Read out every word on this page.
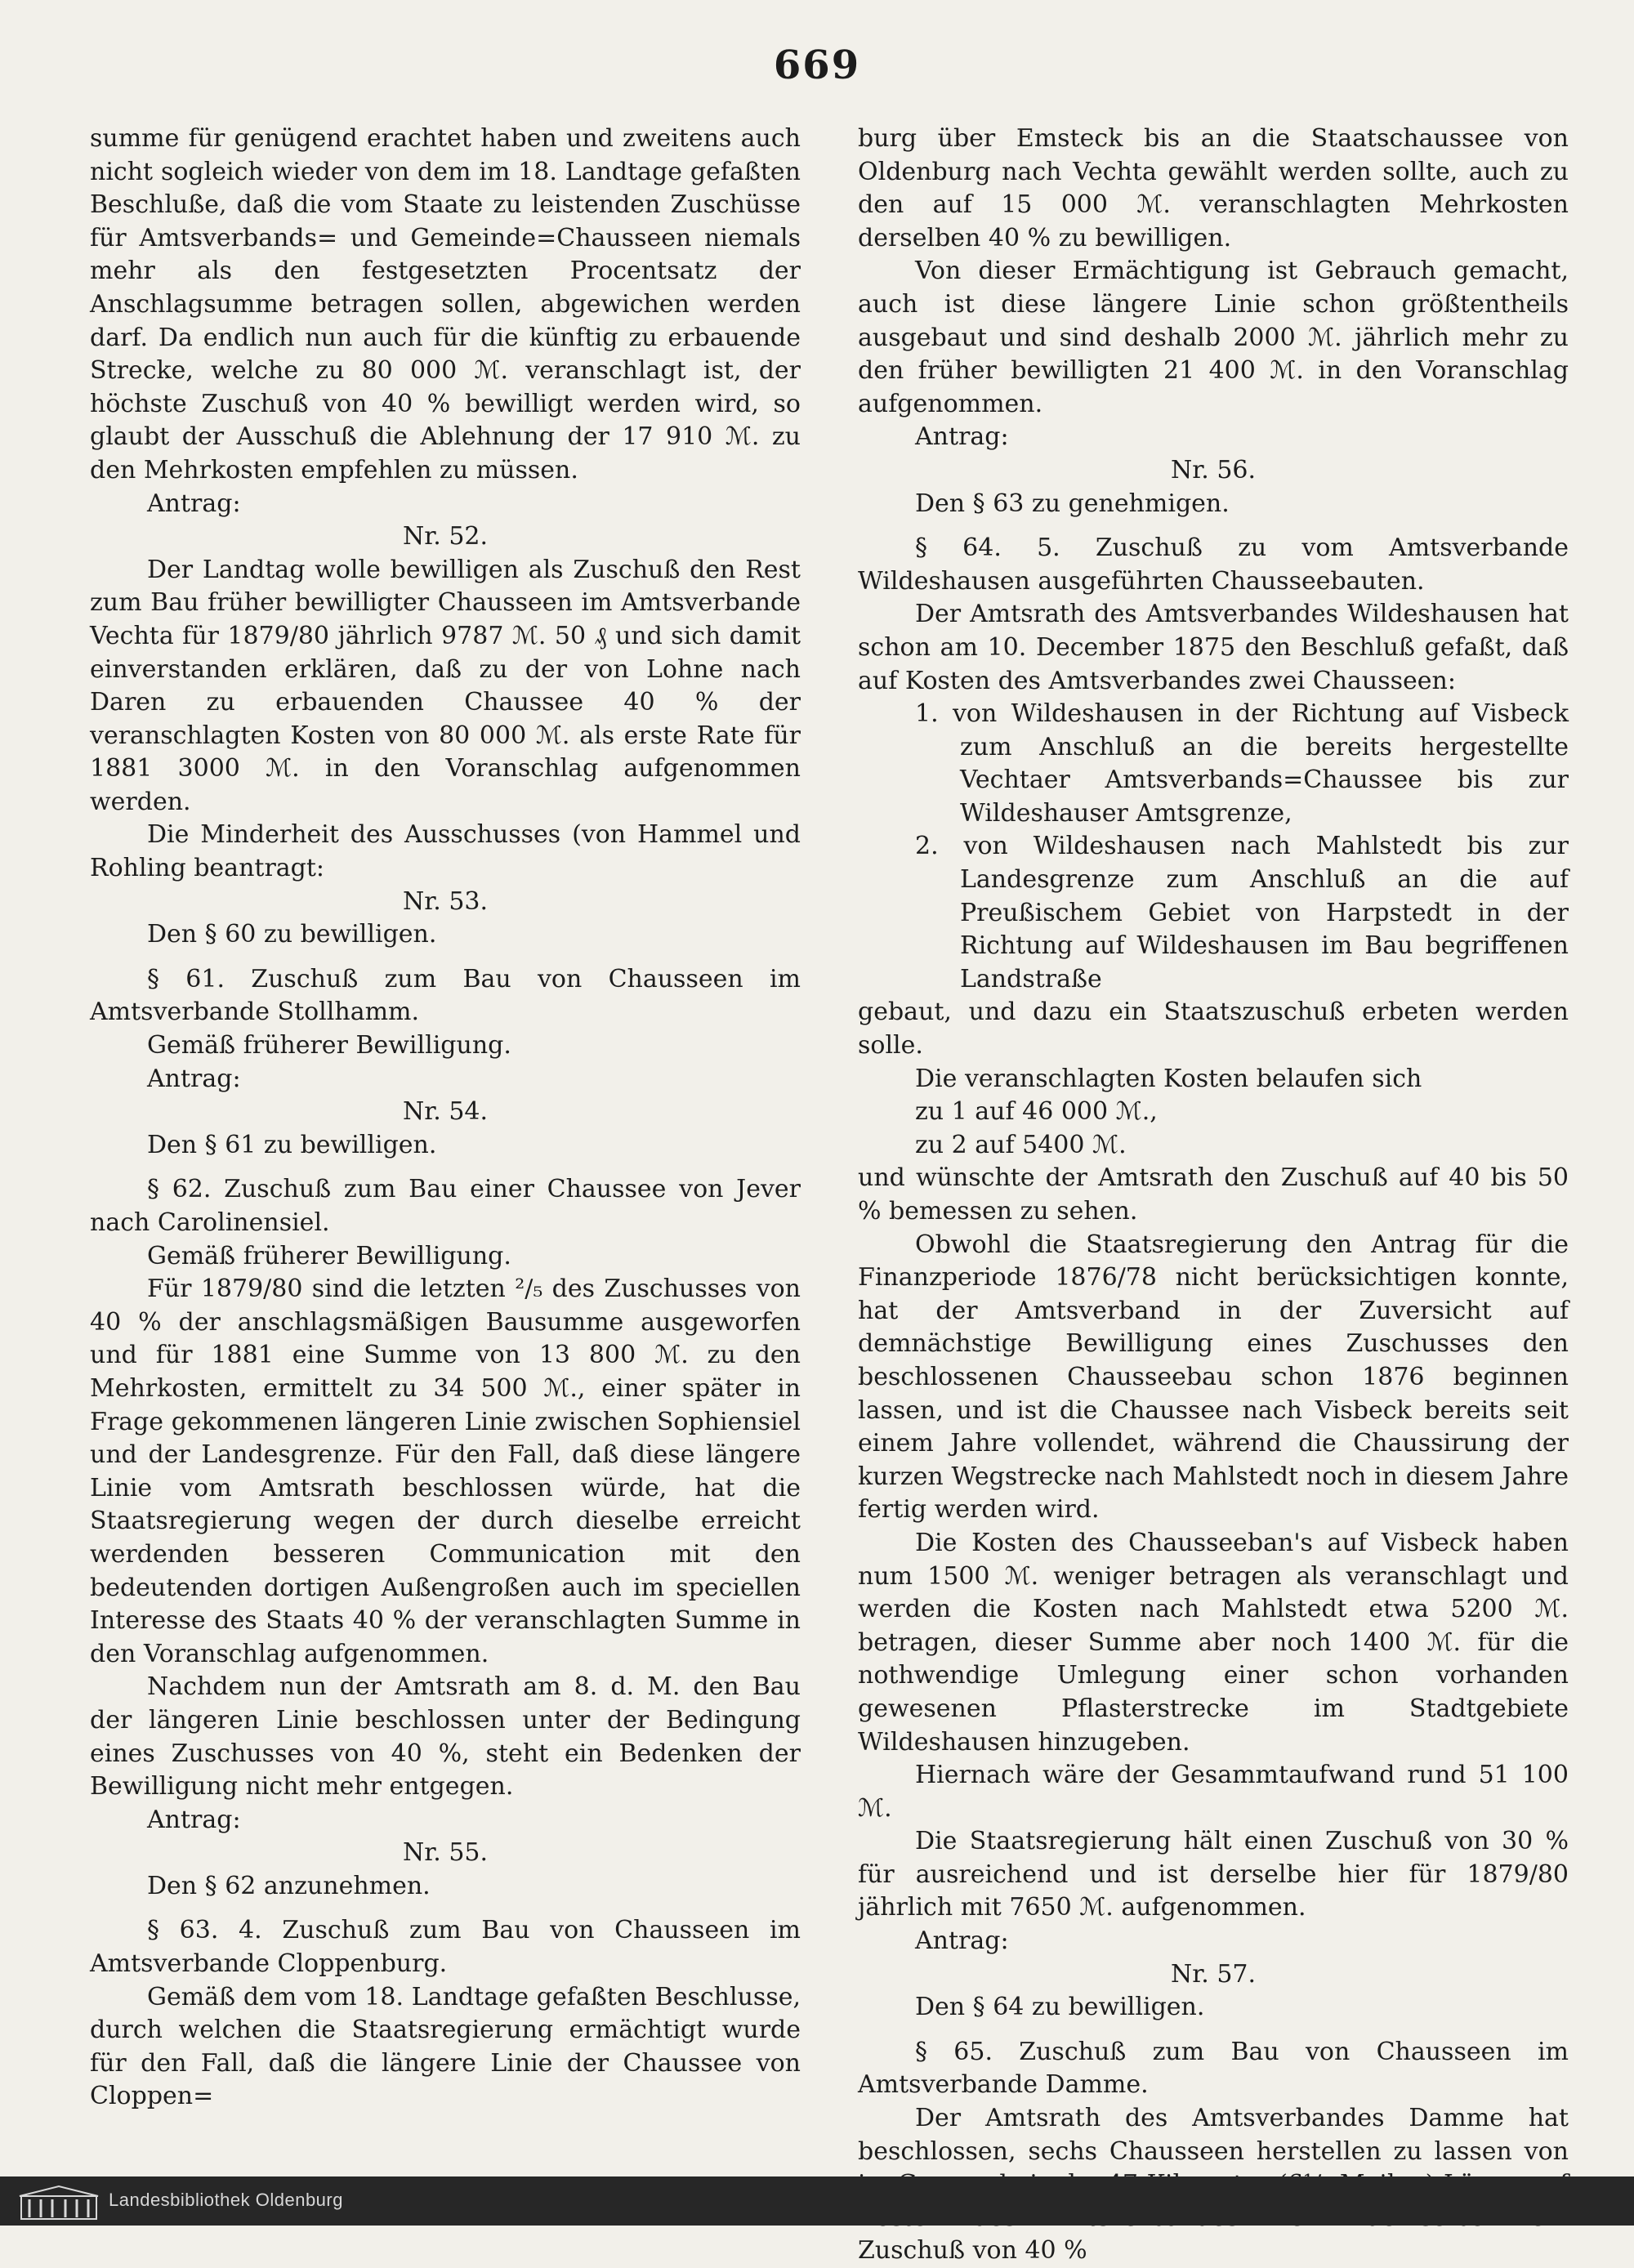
669

summe für genügend erachtet haben und zweitens auch nicht sogleich wieder von dem im 18. Landtage gefaßten Beschluße, daß die vom Staate zu leistenden Zuschüsse für Amtsverbands= und Gemeinde=Chausseen niemals mehr als den festgesetzten Procentsatz der Anschlagsumme betragen sollen, abgewichen werden darf. Da endlich nun auch für die künftig zu erbauende Strecke, welche zu 80 000 ℳ. veranschlagt ist, der höchste Zuschuß von 40 % bewilligt werden wird, so glaubt der Ausschuß die Ablehnung der 17 910 ℳ. zu den Mehrkosten empfehlen zu müssen.

Antrag:

Nr. 52.

Der Landtag wolle bewilligen als Zuschuß den Rest zum Bau früher bewilligter Chausseen im Amtsverbande Vechta für 1879/80 jährlich 9787 ℳ. 50 ₰ und sich damit einverstanden erklären, daß zu der von Lohne nach Daren zu erbauenden Chaussee 40 % der veranschlagten Kosten von 80 000 ℳ. als erste Rate für 1881 3000 ℳ. in den Voranschlag aufgenommen werden.

Die Minderheit des Ausschusses (von Hammel und Rohling beantragt:

Nr. 53.

Den § 60 zu bewilligen.

§ 61. Zuschuß zum Bau von Chausseen im Amtsverbande Stollhamm.

Gemäß früherer Bewilligung.

Antrag:

Nr. 54.

Den § 61 zu bewilligen.

§ 62. Zuschuß zum Bau einer Chaussee von Jever nach Carolinensiel.

Gemäß früherer Bewilligung.

Für 1879/80 sind die letzten ²/₅ des Zuschusses von 40 % der anschlagsmäßigen Bausumme ausgeworfen und für 1881 eine Summe von 13 800 ℳ. zu den Mehrkosten, ermittelt zu 34 500 ℳ., einer später in Frage gekommenen längeren Linie zwischen Sophiensiel und der Landesgrenze. Für den Fall, daß diese längere Linie vom Amtsrath beschlossen würde, hat die Staatsregierung wegen der durch dieselbe erreicht werdenden besseren Communication mit den bedeutenden dortigen Außengroßen auch im speciellen Interesse des Staats 40 % der veranschlagten Summe in den Voranschlag aufgenommen.

Nachdem nun der Amtsrath am 8. d. M. den Bau der längeren Linie beschlossen unter der Bedingung eines Zuschusses von 40 %, steht ein Bedenken der Bewilligung nicht mehr entgegen.

Antrag:

Nr. 55.

Den § 62 anzunehmen.

§ 63. 4. Zuschuß zum Bau von Chausseen im Amtsverbande Cloppenburg.

Gemäß dem vom 18. Landtage gefaßten Beschlusse, durch welchen die Staatsregierung ermächtigt wurde für den Fall, daß die längere Linie der Chaussee von Cloppen=

burg über Emsteck bis an die Staatschaussee von Oldenburg nach Vechta gewählt werden sollte, auch zu den auf 15 000 ℳ. veranschlagten Mehrkosten derselben 40 % zu bewilligen.

Von dieser Ermächtigung ist Gebrauch gemacht, auch ist diese längere Linie schon größtentheils ausgebaut und sind deshalb 2000 ℳ. jährlich mehr zu den früher bewilligten 21 400 ℳ. in den Voranschlag aufgenommen.

Antrag:

Nr. 56.

Den § 63 zu genehmigen.

§ 64. 5. Zuschuß zu vom Amtsverbande Wildeshausen ausgeführten Chausseebauten.

Der Amtsrath des Amtsverbandes Wildeshausen hat schon am 10. December 1875 den Beschluß gefaßt, daß auf Kosten des Amtsverbandes zwei Chausseen:

1. von Wildeshausen in der Richtung auf Visbeck zum Anschluß an die bereits hergestellte Vechtaer Amtsverbands=Chaussee bis zur Wildeshauser Amtsgrenze,

2. von Wildeshausen nach Mahlstedt bis zur Landesgrenze zum Anschluß an die auf Preußischem Gebiet von Harpstedt in der Richtung auf Wildeshausen im Bau begriffenen Landstraße

gebaut, und dazu ein Staatszuschuß erbeten werden solle.

Die veranschlagten Kosten belaufen sich

zu 1 auf 46 000 ℳ.,

zu 2 auf 5400 ℳ.

und wünschte der Amtsrath den Zuschuß auf 40 bis 50 % bemessen zu sehen.

Obwohl die Staatsregierung den Antrag für die Finanzperiode 1876/78 nicht berücksichtigen konnte, hat der Amtsverband in der Zuversicht auf demnächstige Bewilligung eines Zuschusses den beschlossenen Chausseebau schon 1876 beginnen lassen, und ist die Chaussee nach Visbeck bereits seit einem Jahre vollendet, während die Chaussirung der kurzen Wegstrecke nach Mahlstedt noch in diesem Jahre fertig werden wird.

Die Kosten des Chausseeban's auf Visbeck haben num 1500 ℳ. weniger betragen als veranschlagt und werden die Kosten nach Mahlstedt etwa 5200 ℳ. betragen, dieser Summe aber noch 1400 ℳ. für die nothwendige Umlegung einer schon vorhanden gewesenen Pflasterstrecke im Stadtgebiete Wildeshausen hinzugeben.

Hiernach wäre der Gesammtaufwand rund 51 100 ℳ.

Die Staatsregierung hält einen Zuschuß von 30 % für ausreichend und ist derselbe hier für 1879/80 jährlich mit 7650 ℳ. aufgenommen.

Antrag:

Nr. 57.

Den § 64 zu bewilligen.

§ 65. Zuschuß zum Bau von Chausseen im Amtsverbande Damme.

Der Amtsrath des Amtsverbandes Damme hat beschlossen, sechs Chausseen herstellen zu lassen von Zuschuß von 40 %

Landesbibliothek Oldenburg
